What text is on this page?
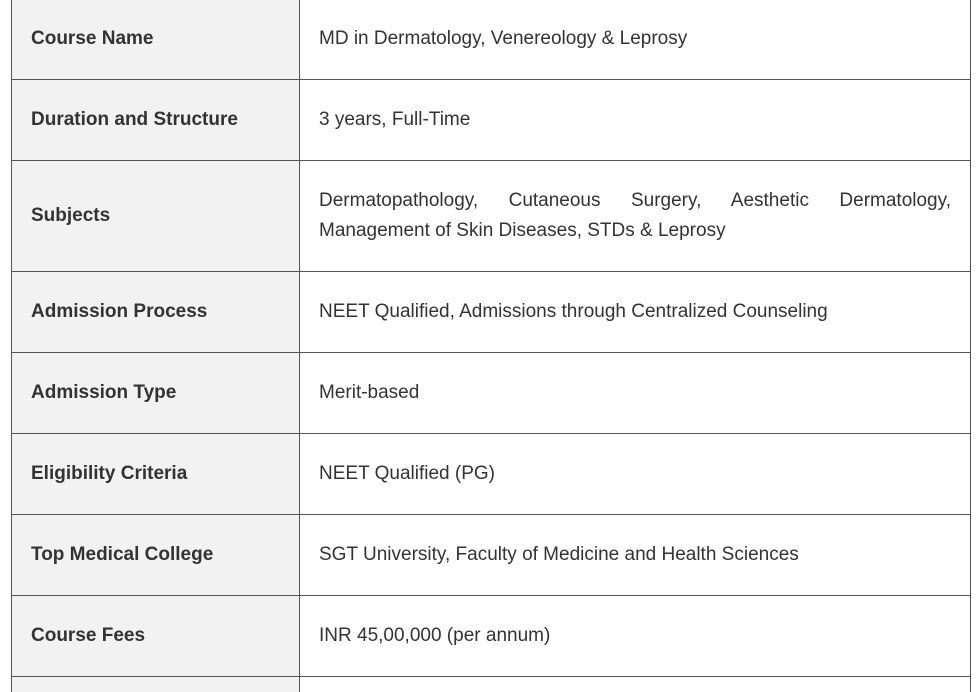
Course Name	MD in Dermatology, Venereology & Leprosy
Duration and Structure	3 years, Full-Time
Subjects	Dermatopathology, Cutaneous Surgery, Aesthetic Dermatology, Management of Skin Diseases, STDs & Leprosy
Admission Process	NEET Qualified, Admissions through Centralized Counseling
Admission Type	Merit-based
Eligibility Criteria	NEET Qualified (PG)
Top Medical College	SGT University, Faculty of Medicine and Health Sciences
Course Fees	INR 45,00,000 (per annum)
